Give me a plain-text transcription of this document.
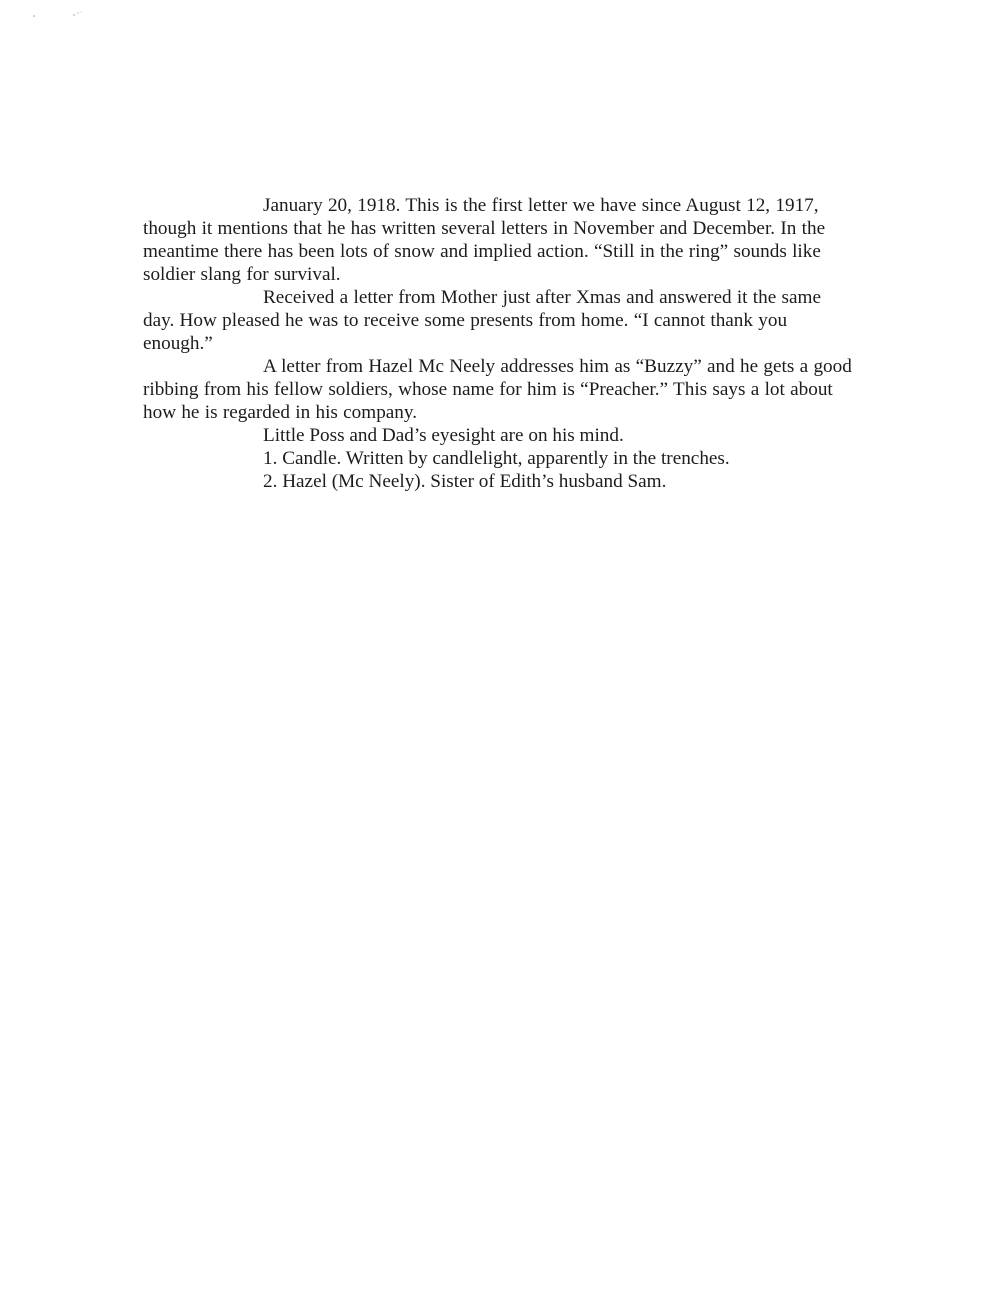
January 20, 1918. This is the first letter we have since August 12, 1917, though it mentions that he has written several letters in November and December. In the meantime there has been lots of snow and implied action. “Still in the ring” sounds like soldier slang for survival.

Received a letter from Mother just after Xmas and answered it the same day. How pleased he was to receive some presents from home. “I cannot thank you enough.”

A letter from Hazel Mc Neely addresses him as “Buzzy” and he gets a good ribbing from his fellow soldiers, whose name for him is “Preacher.” This says a lot about how he is regarded in his company.

Little Poss and Dad’s eyesight are on his mind.

1. Candle. Written by candlelight, apparently in the trenches.

2. Hazel (Mc Neely). Sister of Edith’s husband Sam.
